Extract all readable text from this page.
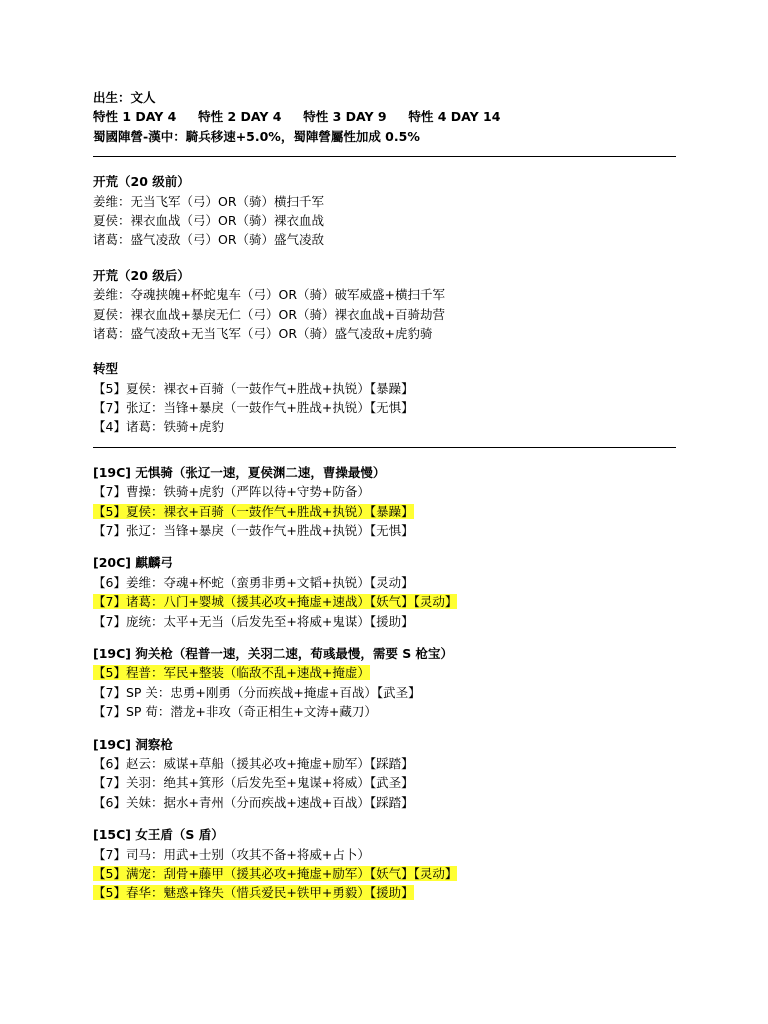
出生：文人
特性 1 DAY 4     特性 2 DAY 4     特性 3 DAY 9     特性 4 DAY 14
蜀國陣營-漢中：騎兵移速+5.0%，蜀陣營屬性加成 0.5%
开荒（20 级前）
姜维：无当飞军（弓）OR（骑）横扫千军
夏侯：裸衣血战（弓）OR（骑）裸衣血战
诸葛：盛气凌敌（弓）OR（骑）盛气凌敌
开荒（20 级后）
姜维：夺魂挟魄+杯蛇鬼车（弓）OR（骑）破军威盛+横扫千军
夏侯：裸衣血战+暴戾无仁（弓）OR（骑）裸衣血战+百骑劫营
诸葛：盛气凌敌+无当飞军（弓）OR（骑）盛气凌敌+虎豹骑
转型
【5】夏侯：裸衣+百骑（一鼓作气+胜战+执锐）【暴躁】
【7】张辽：当锋+暴戾（一鼓作气+胜战+执锐）【无惧】
【4】诸葛：铁骑+虎豹
[19C] 无惧骑（张辽一速，夏侯渊二速，曹操最慢）
【7】曹操：铁骑+虎豹（严阵以待+守势+防备）
【5】夏侯：裸衣+百骑（一鼓作气+胜战+执锐）【暴躁】
【7】张辽：当锋+暴戾（一鼓作气+胜战+执锐）【无惧】
[20C] 麒麟弓
【6】姜维：夺魂+杯蛇（蛮勇非勇+文韬+执锐）【灵动】
【7】诸葛：八门+婴城（援其必攻+掩虚+速战）【妖气】【灵动】
【7】庞统：太平+无当（后发先至+将威+鬼谋）【援助】
[19C] 狗关枪（程普一速，关羽二速，荀彧最慢，需要 S 枪宝）
【5】程普：军民+整装（临敌不乱+速战+掩虚）
【7】SP 关：忠勇+刚勇（分而疾战+掩虚+百战）【武圣】
【7】SP 荀：潜龙+非攻（奇正相生+文涛+藏刀）
[19C] 洞察枪
【6】赵云：威谋+草船（援其必攻+掩虚+励军）【踩踏】
【7】关羽：绝其+箕形（后发先至+鬼谋+将威）【武圣】
【6】关妹：据水+青州（分而疾战+速战+百战）【踩踏】
[15C] 女王盾（S 盾）
【7】司马：用武+士别（攻其不备+将威+占卜）
【5】满宠：刮骨+藤甲（援其必攻+掩虚+励军）【妖气】【灵动】
【5】春华：魅惑+锋失（惜兵爱民+铁甲+勇毅）【援助】
